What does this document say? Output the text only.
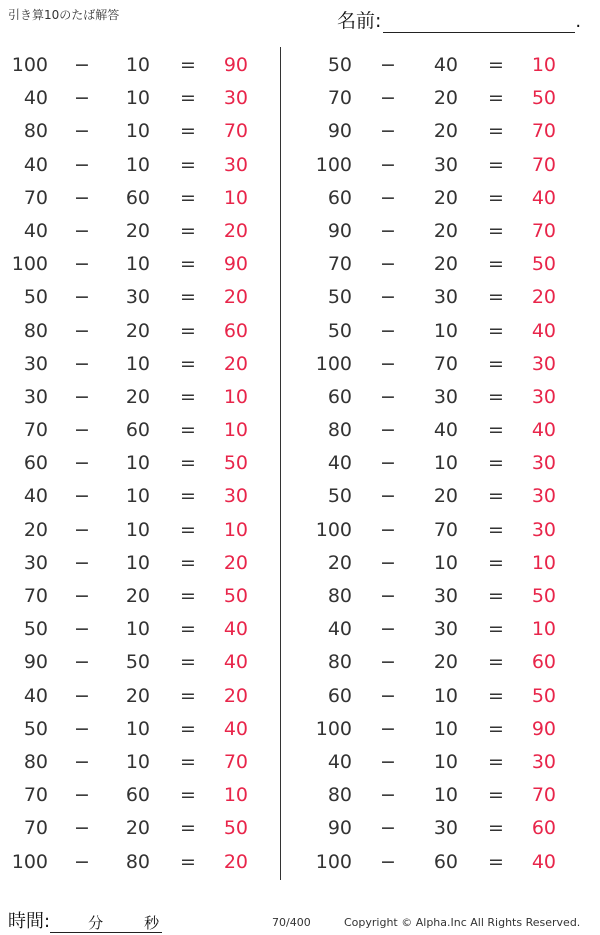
引き算10のたば解答	名前:	.
100 −	10 =	90
40 −	10 =	30
80 −	10 =	70
40 −	10 =	30
70 −	60 =	10
40 −	20 =	20
100 −	10 =	90
50 −	30 =	20
80 −	20 =	60
30 −	10 =	20
30 −	20 =	10
70 −	60 =	10
60 −	10 =	50
40 −	10 =	30
20 −	10 =	10
30 −	10 =	20
70 −	20 =	50
50 −	10 =	40
90 −	50 =	40
40 −	20 =	20
50 −	10 =	40
80 −	10 =	70
70 −	60 =	10
70 −	20 =	50
100 −	80 =	20
50 −	40 =	10
70 −	20 =	50
90 −	20 =	70
100 −	30 =	70
60 −	20 =	40
90 −	20 =	70
70 −	20 =	50
50 −	30 =	20
50 −	10 =	40
100 −	70 =	30
60 −	30 =	30
80 −	40 =	40
40 −	10 =	30
50 −	20 =	30
100 −	70 =	30
20 −	10 =	10
80 −	30 =	50
40 −	30 =	10
80 −	20 =	60
60 −	10 =	50
100 −	10 =	90
40 −	10 =	30
80 −	10 =	70
90 −	30 =	60
100 −	60 =	40
時間:	分	秒	70/400	Copyright © Alpha.Inc All Rights Reserved.
